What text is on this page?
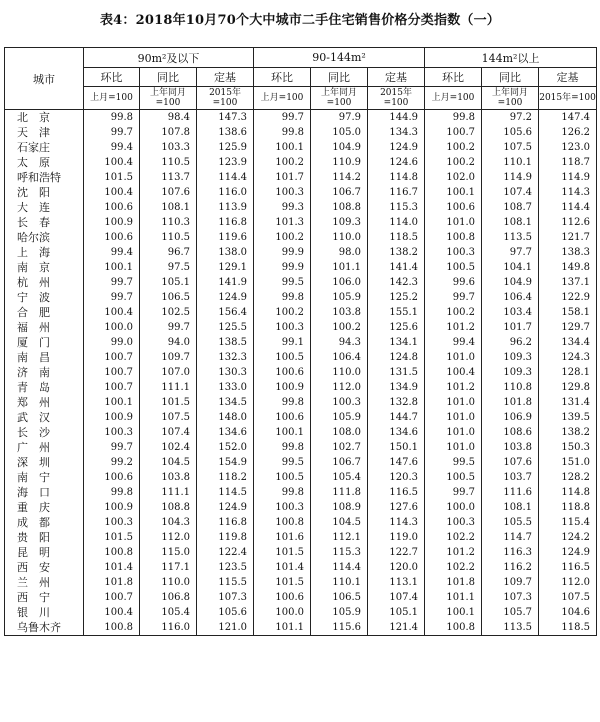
表4：2018年10月70个大中城市二手住宅销售价格分类指数（一）
城市	90m²及以下			90-144m²			144m²以上		
	环比	同比	定基	环比	同比	定基	环比	同比	定基
	上月=100	上年同月=100	2015年=100	上月=100	上年同月=100	2015年=100	上月=100	上年同月=100	2015年=100
北　京	99.8	98.4	147.3	99.7	97.9	144.9	99.8	97.2	147.4
天　津	99.7	107.8	138.6	99.8	105.0	134.3	100.7	105.6	126.2
石家庄	99.4	103.3	125.9	100.1	104.9	124.9	100.2	107.5	123.0
太　原	100.4	110.5	123.9	100.2	110.9	124.6	100.2	110.1	118.7
呼和浩特	101.5	113.7	114.4	101.7	114.2	114.8	102.0	114.9	114.9
沈　阳	100.4	107.6	116.0	100.3	106.7	116.7	100.1	107.4	114.3
大　连	100.6	108.1	113.9	99.3	108.8	115.3	100.6	108.7	114.4
长　春	100.9	110.3	116.8	101.3	109.3	114.0	101.0	108.1	112.6
哈尔滨	100.6	110.5	119.6	100.2	110.0	118.5	100.8	113.5	121.7
上　海	99.4	96.7	138.0	99.9	98.0	138.2	100.3	97.7	138.3
南　京	100.1	97.5	129.1	99.9	101.1	141.4	100.5	104.1	149.8
杭　州	99.7	105.1	141.9	99.5	106.0	142.3	99.6	104.9	137.1
宁　波	99.7	106.5	124.9	99.8	105.9	125.2	99.7	106.4	122.9
合　肥	100.4	102.5	156.4	100.2	103.8	155.1	100.2	103.4	158.1
福　州	100.0	99.7	125.5	100.3	100.2	125.6	101.2	101.7	129.7
厦　门	99.0	94.0	138.5	99.1	94.3	134.1	99.4	96.2	134.4
南　昌	100.7	109.7	132.3	100.5	106.4	124.8	101.0	109.3	124.3
济　南	100.7	107.0	130.3	100.6	110.0	131.5	100.4	109.3	128.1
青　岛	100.7	111.1	133.0	100.9	112.0	134.9	101.2	110.8	129.8
郑　州	100.1	101.5	134.5	99.8	100.3	132.8	101.0	101.8	131.4
武　汉	100.9	107.5	148.0	100.6	105.9	144.7	101.0	106.9	139.5
长　沙	100.3	107.4	134.6	100.1	108.0	134.6	101.0	108.6	138.2
广　州	99.7	102.4	152.0	99.8	102.7	150.1	101.0	103.8	150.3
深　圳	99.2	104.5	154.9	99.5	106.7	147.6	99.5	107.6	151.0
南　宁	100.6	103.8	118.2	100.5	105.4	120.3	100.5	103.7	128.2
海　口	99.8	111.1	114.5	99.8	111.8	116.5	99.7	111.6	114.8
重　庆	100.9	108.8	124.9	100.3	108.9	127.6	100.0	108.1	118.8
成　都	100.3	104.3	116.8	100.8	104.5	114.3	100.3	105.5	115.4
贵　阳	101.5	112.0	119.8	101.6	112.1	119.0	102.2	114.7	124.2
昆　明	100.8	115.0	122.4	101.5	115.3	122.7	101.2	116.3	124.9
西　安	101.4	117.1	123.5	101.4	114.4	120.0	102.2	116.2	116.5
兰　州	101.8	110.0	115.5	101.5	110.1	113.1	101.8	109.7	112.0
西　宁	100.7	106.8	107.3	100.6	106.5	107.4	101.1	107.3	107.5
银　川	100.4	105.4	105.6	100.0	105.9	105.1	100.1	105.7	104.6
乌鲁木齐	100.8	116.0	121.0	101.1	115.6	121.4	100.8	113.5	118.5
